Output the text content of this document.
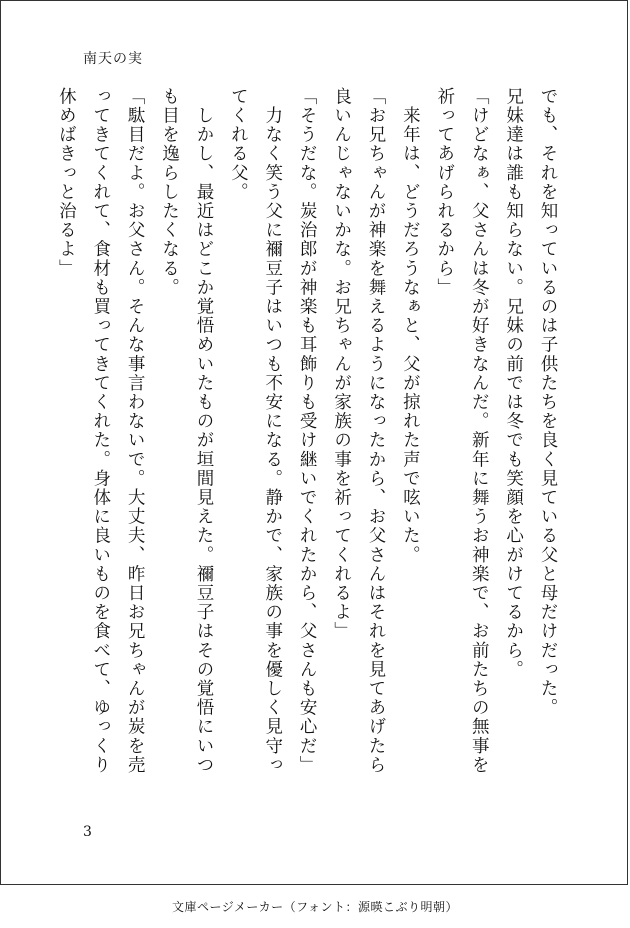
南天の実

でも、それを知っているのは子供たちを良く見ている父と母だけだった。

兄妹達は誰も知らない。兄妹の前では冬でも笑顔を心がけてるから。

「けどなぁ、父さんは冬が好きなんだ。新年に舞うお神楽で、お前たちの無事を

祈ってあげられるから」

　来年は、どうだろうなぁと、父が掠れた声で呟いた。

「お兄ちゃんが神楽を舞えるようになったから、お父さんはそれを見てあげたら

良いんじゃないかな。お兄ちゃんが家族の事を祈ってくれるよ」

「そうだな。炭治郎が神楽も耳飾りも受け継いでくれたから、父さんも安心だ」

　力なく笑う父に禰豆子はいつも不安になる。静かで、家族の事を優しく見守っ

てくれる父。

　しかし、最近はどこか覚悟めいたものが垣間見えた。禰豆子はその覚悟にいつ

も目を逸らしたくなる。

「駄目だよ。お父さん。そんな事言わないで。大丈夫、昨日お兄ちゃんが炭を売

ってきてくれて、食材も買ってきてくれた。身体に良いものを食べて、ゆっくり

休めばきっと治るよ」

3
文庫ページメーカー（フォント：源暎こぶり明朝）
